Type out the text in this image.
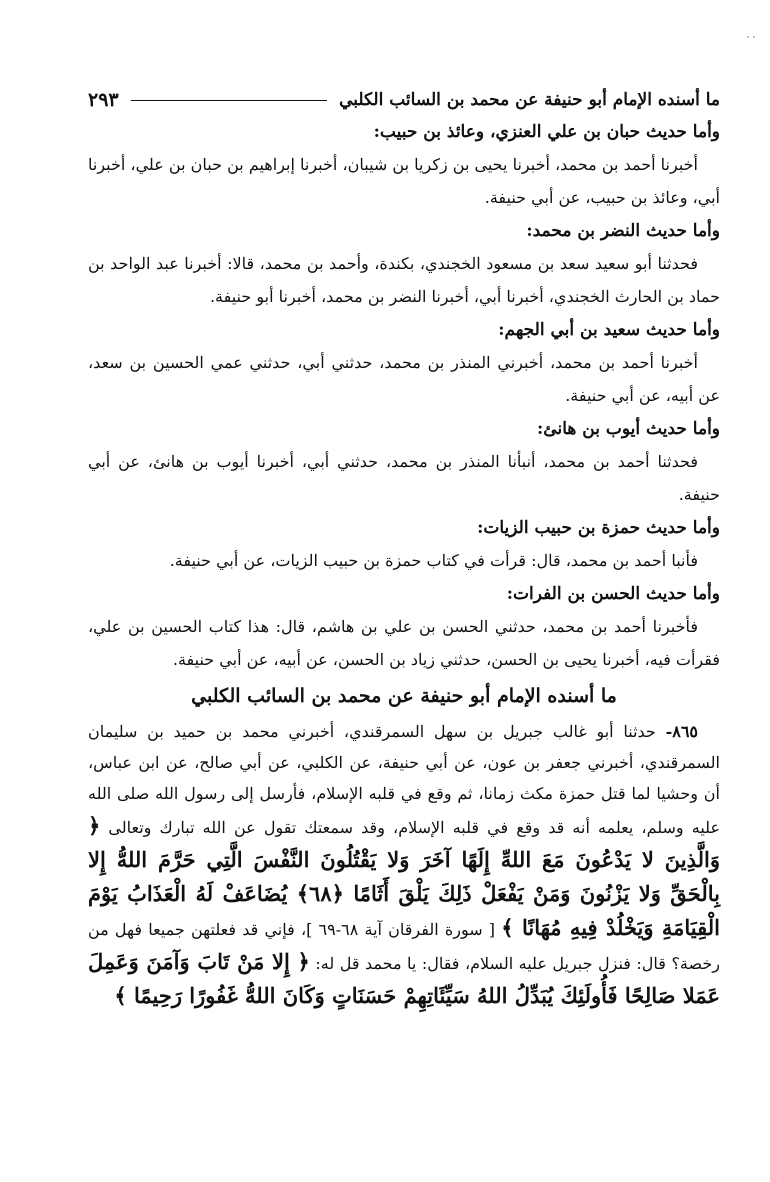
٠٠
ما أسنده الإمام أبو حنيفة عن محمد بن السائب الكلبي
٢٩٣

وأما حديث حبان بن علي العنزي، وعائذ بن حبيب:

أخبرنا أحمد بن محمد، أخبرنا يحيى بن زكريا بن شيبان، أخبرنا إبراهيم بن حبان بن علي، أخبرنا أبي، وعائذ بن حبيب، عن أبي حنيفة.

وأما حديث النضر بن محمد:

فحدثنا أبو سعيد سعد بن مسعود الخجندي، بكندة، وأحمد بن محمد، قالا: أخبرنا عبد الواحد بن حماد بن الحارث الخجندي، أخبرنا أبي، أخبرنا النضر بن محمد، أخبرنا أبو حنيفة.

وأما حديث سعيد بن أبي الجهم:

أخبرنا أحمد بن محمد، أخبرني المنذر بن محمد، حدثني أبي، حدثني عمي الحسين بن سعد، عن أبيه، عن أبي حنيفة.

وأما حديث أيوب بن هانئ:

فحدثنا أحمد بن محمد، أنبأنا المنذر بن محمد، حدثني أبي، أخبرنا أيوب بن هانئ، عن أبي حنيفة.

وأما حديث حمزة بن حبيب الزيات:

فأنبا أحمد بن محمد، قال: قرأت في كتاب حمزة بن حبيب الزيات، عن أبي حنيفة.

وأما حديث الحسن بن الفرات:

فأخبرنا أحمد بن محمد، حدثني الحسن بن علي بن هاشم، قال: هذا كتاب الحسين بن علي، فقرأت فيه، أخبرنا يحيى بن الحسن، حدثني زياد بن الحسن، عن أبيه، عن أبي حنيفة.

ما أسنده الإمام أبو حنيفة عن محمد بن السائب الكلبي

٨٦٥- حدثنا أبو غالب جبريل بن سهل السمرقندي، أخبرني محمد بن حميد بن سليمان السمرقندي، أخبرني جعفر بن عون، عن أبي حنيفة، عن الكلبي، عن أبي صالح، عن ابن عباس، أن وحشيا لما قتل حمزة مكث زمانا، ثم وقع في قلبه الإسلام، فأرسل إلى رسول الله صلى الله عليه وسلم، يعلمه أنه قد وقع في قلبه الإسلام، وقد سمعتك تقول عن الله تبارك وتعالى ﴿ وَالَّذِينَ لا يَدْعُونَ مَعَ اللهِّ إِلَهًا آخَرَ وَلا يَقْتُلُونَ النَّفْسَ الَّتِي حَرَّمَ اللهُّ إِلا بِالْحَقِّ وَلا يَزْنُونَ وَمَنْ يَفْعَلْ ذَلِكَ يَلْقَ أَثَامًا ﴿٦٨﴾ يُضَاعَفْ لَهُ الْعَذَابُ يَوْمَ الْقِيَامَةِ وَيَخْلُدْ فِيهِ مُهَانًا ﴾ [ سورة الفرقان آية ٦٨-٦٩ ]، فإني قد فعلتهن جميعا فهل من رخصة؟ قال: فنزل جبريل عليه السلام، فقال: يا محمد قل له: ﴿ إِلا مَنْ تَابَ وَآمَنَ وَعَمِلَ عَمَلا صَالِحًا فَأُولَئِكَ يُبَدِّلُ اللهُ سَيِّئَاتِهِمْ حَسَنَاتٍ وَكَانَ اللهُّ غَفُورًا رَحِيمًا ﴾
